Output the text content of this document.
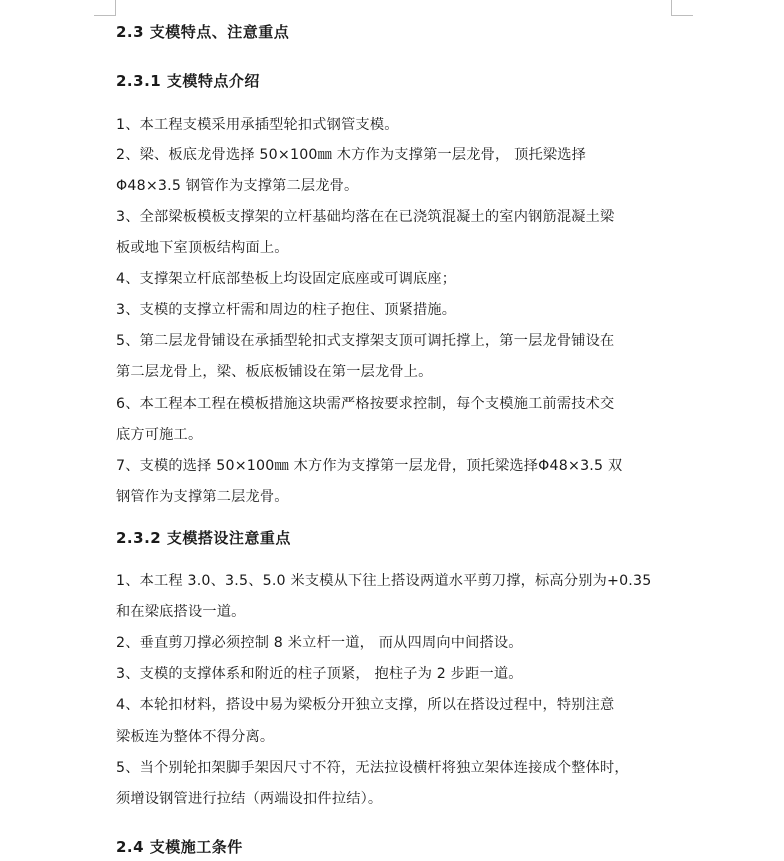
2.3 支模特点、注意重点
2.3.1 支模特点介绍
1、本工程支模采用承插型轮扣式钢管支模。
2、梁、板底龙骨选择 50×100㎜ 木方作为支撑第一层龙骨， 顶托梁选择
Φ48×3.5 钢管作为支撑第二层龙骨。
3、全部梁板模板支撑架的立杆基础均落在在已浇筑混凝土的室内钢筋混凝土梁
板或地下室顶板结构面上。
4、支撑架立杆底部垫板上均设固定底座或可调底座；
3、支模的支撑立杆需和周边的柱子抱住、顶紧措施。
5、第二层龙骨铺设在承插型轮扣式支撑架支顶可调托撑上，第一层龙骨铺设在
第二层龙骨上，梁、板底板铺设在第一层龙骨上。
6、本工程本工程在模板措施这块需严格按要求控制，每个支模施工前需技术交
底方可施工。
7、支模的选择 50×100㎜ 木方作为支撑第一层龙骨，顶托梁选择Φ48×3.5 双
钢管作为支撑第二层龙骨。
2.3.2 支模搭设注意重点
1、本工程 3.0、3.5、5.0 米支模从下往上搭设两道水平剪刀撑，标高分别为+0.35
和在梁底搭设一道。
2、垂直剪刀撑必须控制 8 米立杆一道， 而从四周向中间搭设。
3、支模的支撑体系和附近的柱子顶紧， 抱柱子为 2 步距一道。
4、本轮扣材料，搭设中易为梁板分开独立支撑，所以在搭设过程中，特别注意
梁板连为整体不得分离。
5、当个别轮扣架脚手架因尺寸不符，无法拉设横杆将独立架体连接成个整体时，
须增设钢管进行拉结（两端设扣件拉结）。
2.4 支模施工条件
